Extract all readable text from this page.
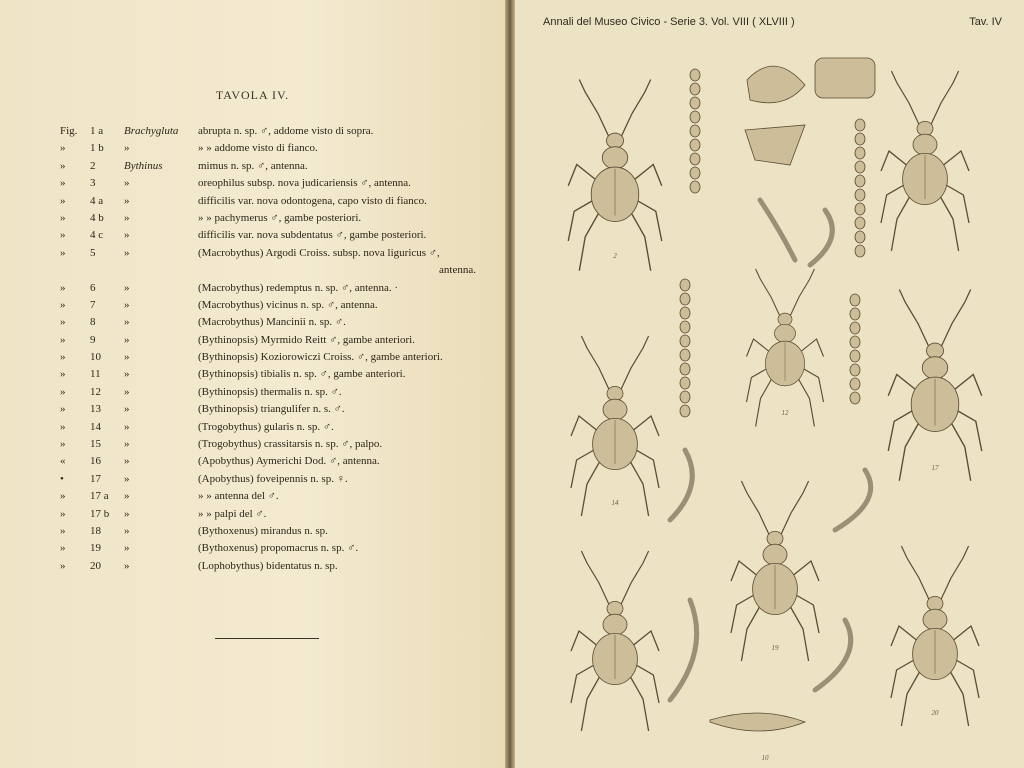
TAVOLA IV.
Fig.	1 a	Brachygluta	abrupta n. sp. ♂, addome visto di sopra.
»	1 b	»	» » addome visto di fianco.
»	2	Bythinus	mimus n. sp. ♂, antenna.
»	3	»	oreophilus subsp. nova judicariensis ♂, antenna.
»	4 a	»	difficilis var. nova odontogena, capo visto di fianco.
»	4 b	»	» » pachymerus ♂, gambe posteriori.
»	4 c	»	difficilis var. nova subdentatus ♂, gambe posteriori.
»	5	»	(Macrobythus) Argodi Croiss. subsp. nova liguricus ♂,
antenna.
»	6	»	(Macrobythus) redemptus n. sp. ♂, antenna. ·
»	7	»	(Macrobythus) vicinus n. sp. ♂, antenna.
»	8	»	(Macrobythus) Mancinii n. sp. ♂.
»	9	»	(Bythinopsis) Myrmido Reitt ♂, gambe anteriori.
»	10	»	(Bythinopsis) Koziorowiczi Croiss. ♂, gambe anteriori.
»	11	»	(Bythinopsis) tibialis n. sp. ♂, gambe anteriori.
»	12	»	(Bythinopsis) thermalis n. sp. ♂.
»	13	»	(Bythinopsis) triangulifer n. s. ♂.
»	14	»	(Trogobythus) gularis n. sp. ♂.
»	15	»	(Trogobythus) crassitarsis n. sp. ♂, palpo.
«	16	»	(Apobythus) Aymerichi Dod. ♂, antenna.
•	17	»	(Apobythus) foveipennis n. sp. ♀.
»	17 a	»	» » antenna del ♂.
»	17 b	»	» » palpi del ♂.
»	18	»	(Bythoxenus) mirandus n. sp.
»	19	»	(Bythoxenus) propomacrus n. sp. ♂.
»	20	»	(Lophobythus) bidentatus n. sp.
Annali del Museo Civico - Serie 3. Vol. VIII ( XLVIII )	Tav. IV
2
12
14
17
19
20
10
